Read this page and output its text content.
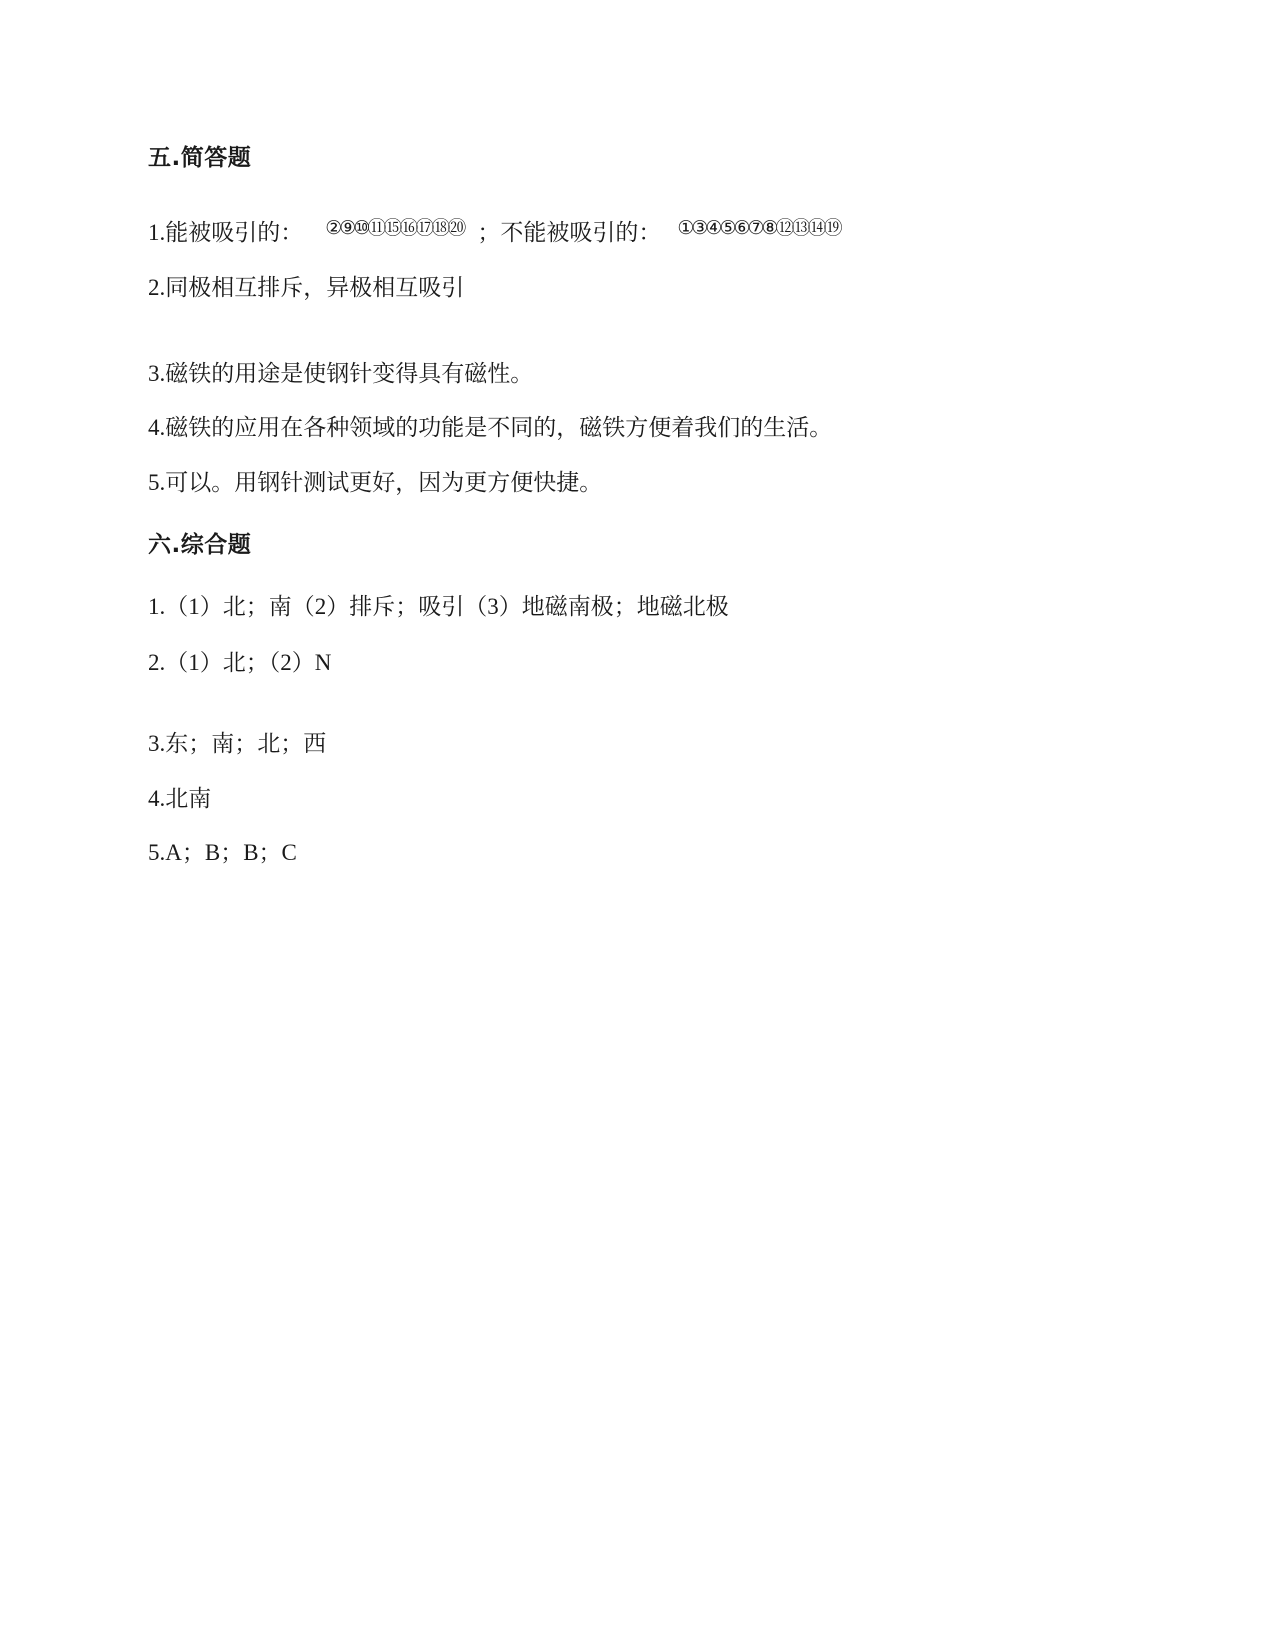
五.简答题
1.能被吸引的： ②⑨⑩⑪⑮⑯⑰⑱⑳ ；不能被吸引的： ①③④⑤⑥⑦⑧⑫⑬⑭⑲
2.同极相互排斥，异极相互吸引
3.磁铁的用途是使钢针变得具有磁性。
4.磁铁的应用在各种领域的功能是不同的，磁铁方便着我们的生活。
5.可以。用钢针测试更好，因为更方便快捷。
六.综合题
1.（1）北；南（2）排斥；吸引（3）地磁南极；地磁北极
2.（1）北；（2）N
3.东；南；北；西
4.北南
5.A；B；B；C
